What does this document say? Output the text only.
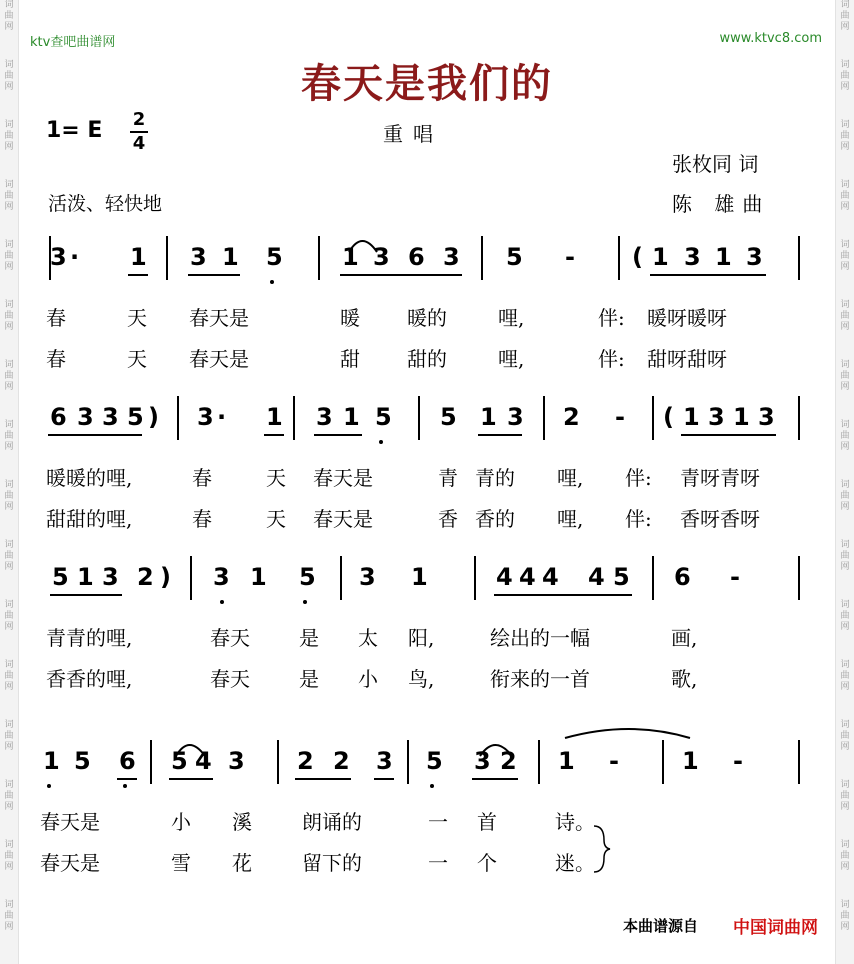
词
曲
网
词
曲
网
词
曲
网
词
曲
网
词
曲
网
词
曲
网
词
曲
网
词
曲
网
词
曲
网
词
曲
网
词
曲
网
词
曲
网
词
曲
网
词
曲
网
词
曲
网
词
曲
网
词
曲
网
词
曲
网
词
曲
网
词
曲
网
词
曲
网
词
曲
网
词
曲
网
词
曲
网
词
曲
网
词
曲
网
词
曲
网
词
曲
网
词
曲
网
词
曲
网
词
曲
网
词
曲
网
ktv查吧曲谱网	www.ktvc8.com
春天是我们的
1= E 2
4	重唱
张枚同 词
陈 雄曲
活泼、轻快地
3 · 1 3 1 5 1 3 6 3 5 - ( 1 3 1 3
春	天 春天是	暖 暖的	哩,	伴: 暖呀暖呀
春	天 春天是	甜 甜的	哩,	伴: 甜呀甜呀
6 3 3 5 ) 3 · 1 3 1 5 5 1 3 2 - ( 1 3 1 3
暖暖的哩,	春	天 春天是	青 青的 哩, 伴: 青呀青呀
甜甜的哩,	春	天 春天是	香 香的 哩, 伴: 香呀香呀
5 1 3 2 ) 3 1 5 3 1	4 4 4 4 5 6 -
青青的哩,	春天 是 太 阳,	绘出的一幅	画,
香香的哩,	春天 是 小 鸟,	衔来的一首	歌,
1 5 6 5 4 3 2 2 3 5 3 2 1 -	1 -
春天是	小 溪	朗诵的	一 首	诗。
春天是	雪 花	留下的	一 个	迷。
本曲谱源自 中国词曲网
